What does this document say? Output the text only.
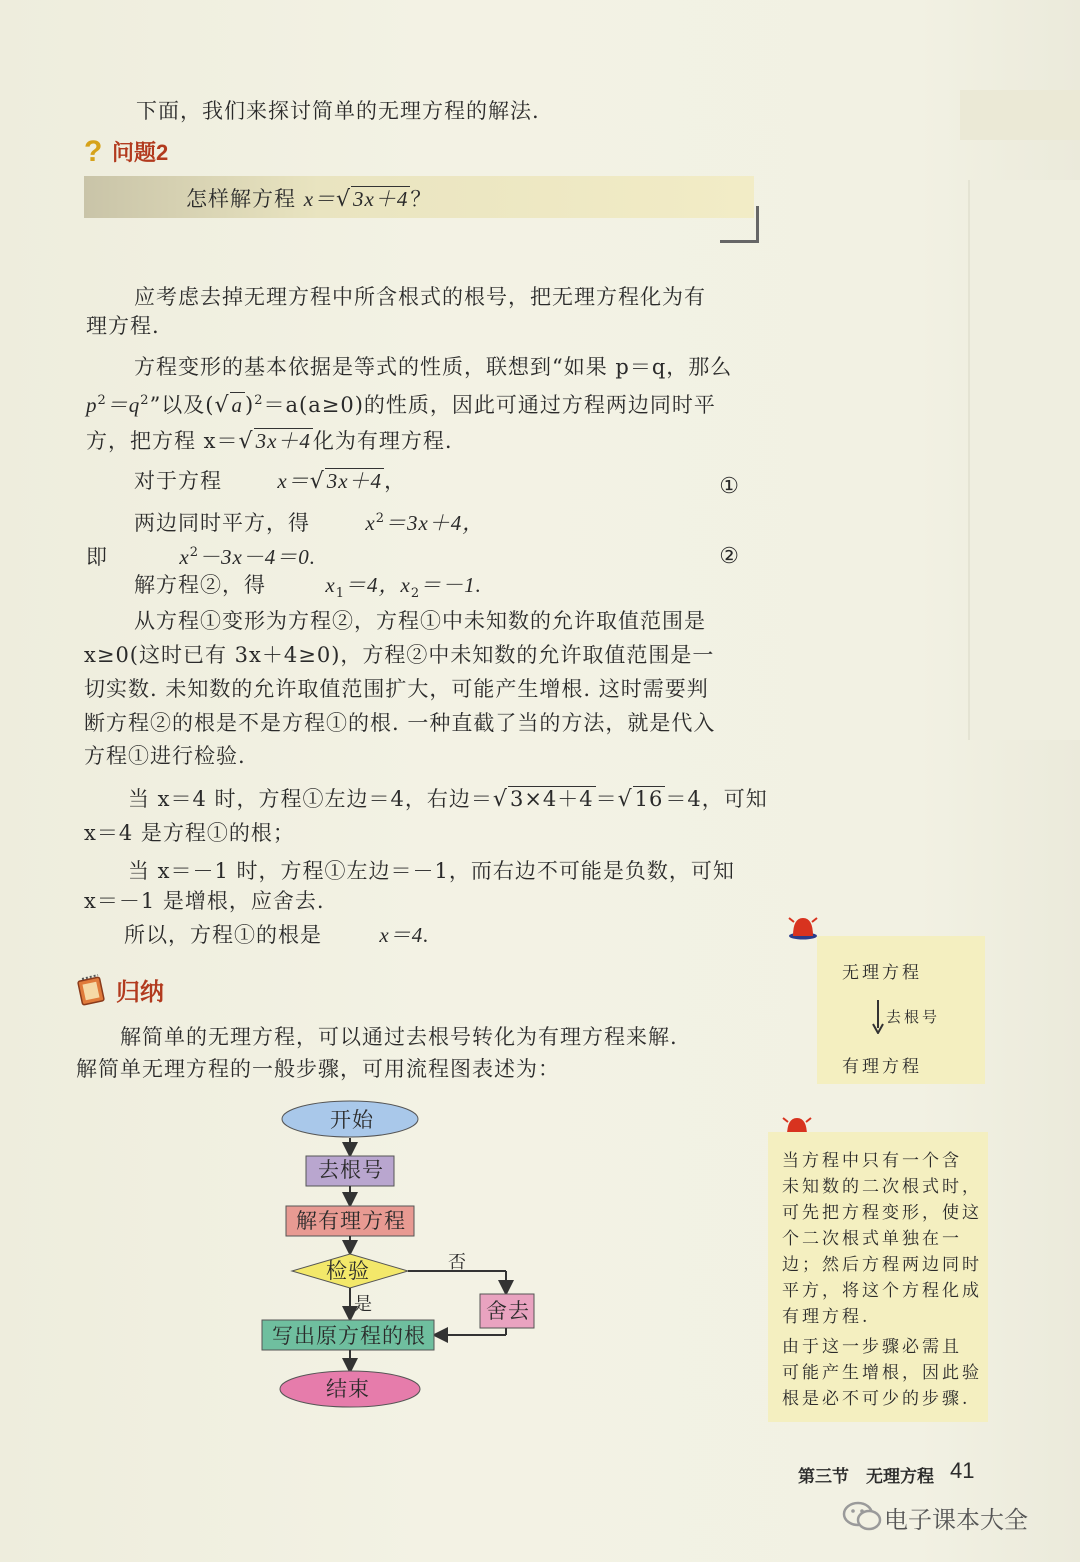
下面，我们来探讨简单的无理方程的解法.
? 问题2
怎样解方程 x＝√3x＋4？
应考虑去掉无理方程中所含根式的根号，把无理方程化为有
理方程.
方程变形的基本依据是等式的性质，联想到“如果 p＝q，那么
$p^2=q^2$”以及$(√a)^2=a(a\ge 0)$的性质，因此可通过方程两边同时平
方，把方程 x＝√3x＋4化为有理方程.
对于方程	x＝√3x＋4，	①
两边同时平方，得	$x^2=3x+4$，
即	$x^2-3x-4=0$.	②
解方程②，得	$x_1=4$，$x_2=-1$.
从方程①变形为方程②，方程①中未知数的允许取值范围是
x≥0(这时已有 3x＋4≥0)，方程②中未知数的允许取值范围是一
切实数. 未知数的允许取值范围扩大，可能产生增根. 这时需要判
断方程②的根是不是方程①的根. 一种直截了当的方法，就是代入
方程①进行检验.
当 x＝4 时，方程①左边＝4，右边＝√3×4＋4＝√16＝4，可知
x＝4 是方程①的根；
当 x＝－1 时，方程①左边＝－1，而右边不可能是负数，可知
x＝－1 是增根，应舍去.
所以，方程①的根是	x＝4.
归纳
解简单的无理方程，可以通过去根号转化为有理方程来解.
解简单无理方程的一般步骤，可用流程图表述为：
开始
去根号
解有理方程
检验	否
是	舍去
写出原方程的根
结束
无理方程
去根号
有理方程
当方程中只有一个含
未知数的二次根式时，
可先把方程变形，使这
个二次根式单独在一
边；然后方程两边同时
平方，将这个方程化成
有理方程.
由于这一步骤必需且
可能产生增根，因此验
根是必不可少的步骤.
第三节 无理方程 41
电子课本大全
